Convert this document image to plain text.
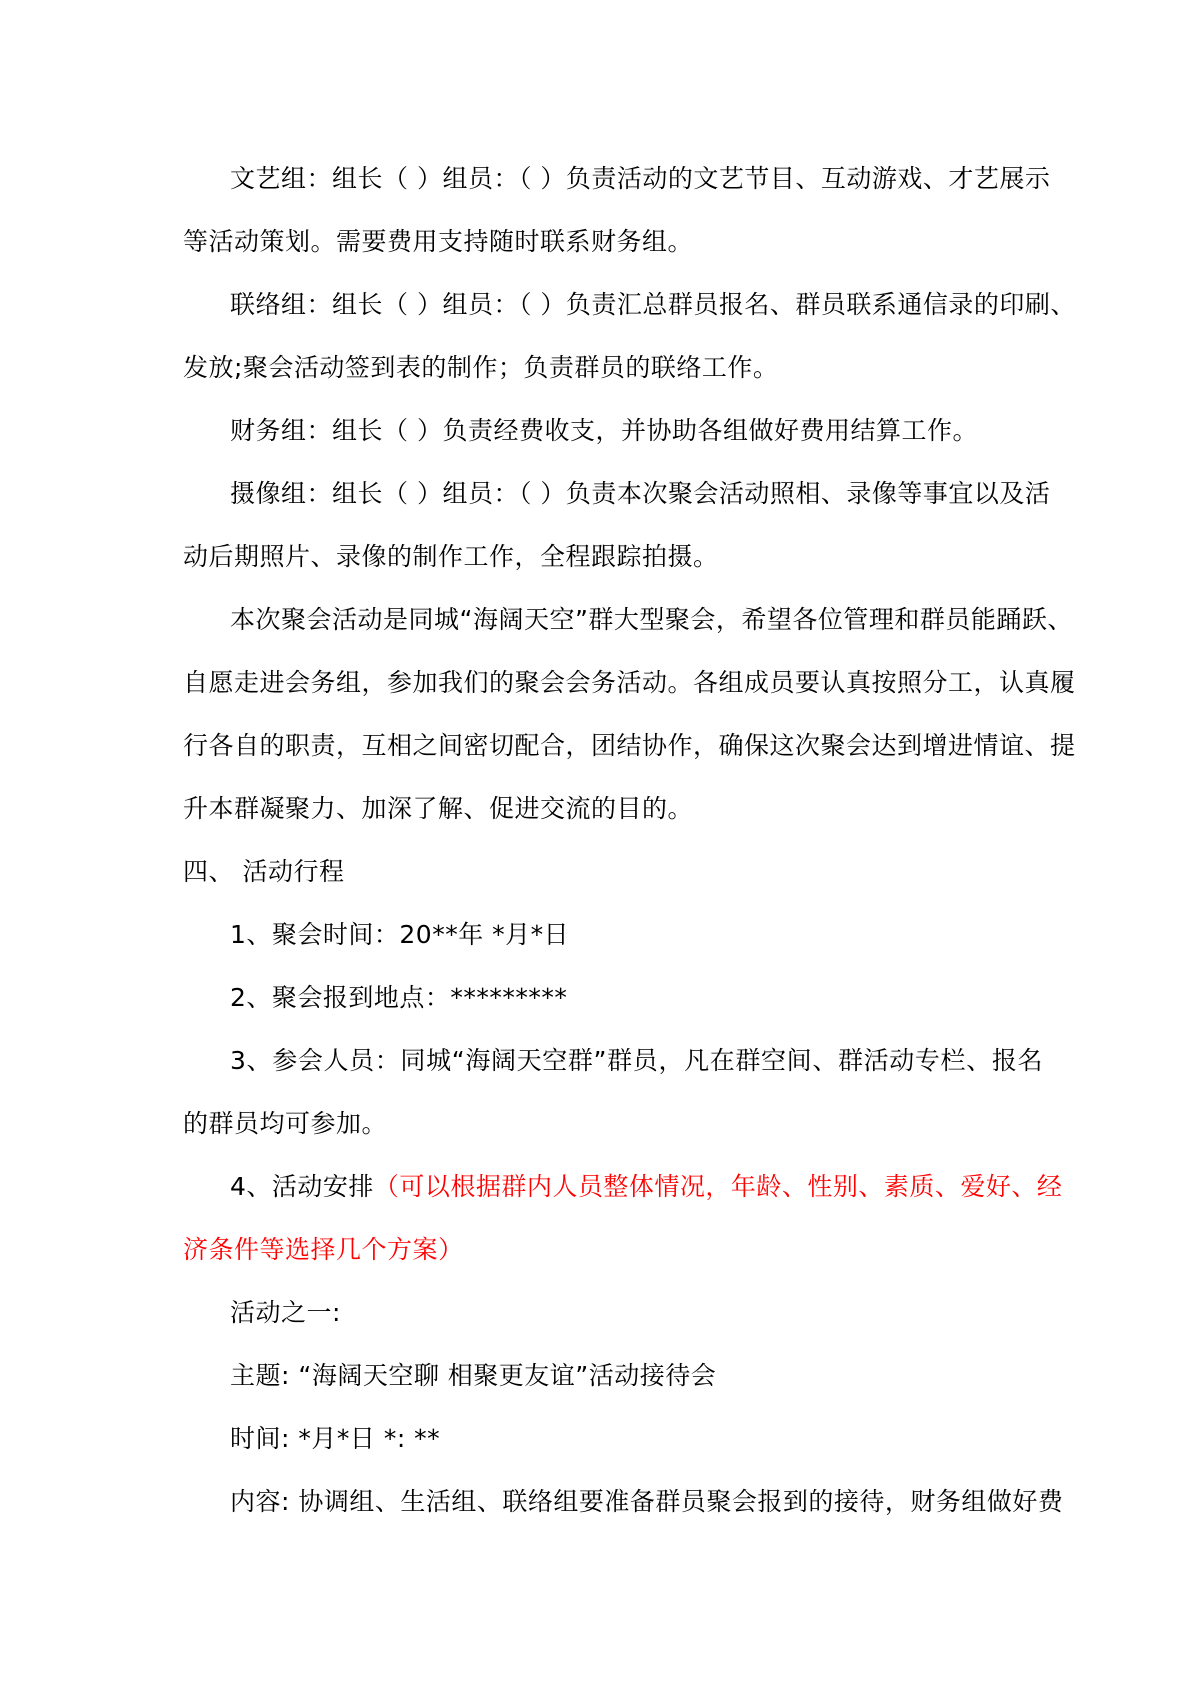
文艺组：组长（ ）组员：（ ）负责活动的文艺节目、互动游戏、才艺展示
等活动策划。需要费用支持随时联系财务组。
联络组：组长（ ）组员：（ ）负责汇总群员报名、群员联系通信录的印刷、
发放;聚会活动签到表的制作；负责群员的联络工作。
财务组：组长（ ）负责经费收支，并协助各组做好费用结算工作。
摄像组：组长（ ）组员：（ ）负责本次聚会活动照相、录像等事宜以及活
动后期照片、录像的制作工作，全程跟踪拍摄。
本次聚会活动是同城“海阔天空”群大型聚会，希望各位管理和群员能踊跃、
自愿走进会务组，参加我们的聚会会务活动。各组成员要认真按照分工，认真履
行各自的职责，互相之间密切配合，团结协作，确保这次聚会达到增进情谊、提
升本群凝聚力、加深了解、促进交流的目的。
四、 活动行程
1、聚会时间：20**年 *月*日
2、聚会报到地点：*********
3、参会人员：同城“海阔天空群”群员，凡在群空间、群活动专栏、报名
的群员均可参加。
4、活动安排 （可以根据群内人员整体情况，年龄、性别、素质、爱好、经
济条件等选择几个方案）
活动之一:
主题: “海阔天空聊 相聚更友谊”活动接待会
时间: *月*日 *: **
内容: 协调组、生活组、联络组要准备群员聚会报到的接待，财务组做好费
